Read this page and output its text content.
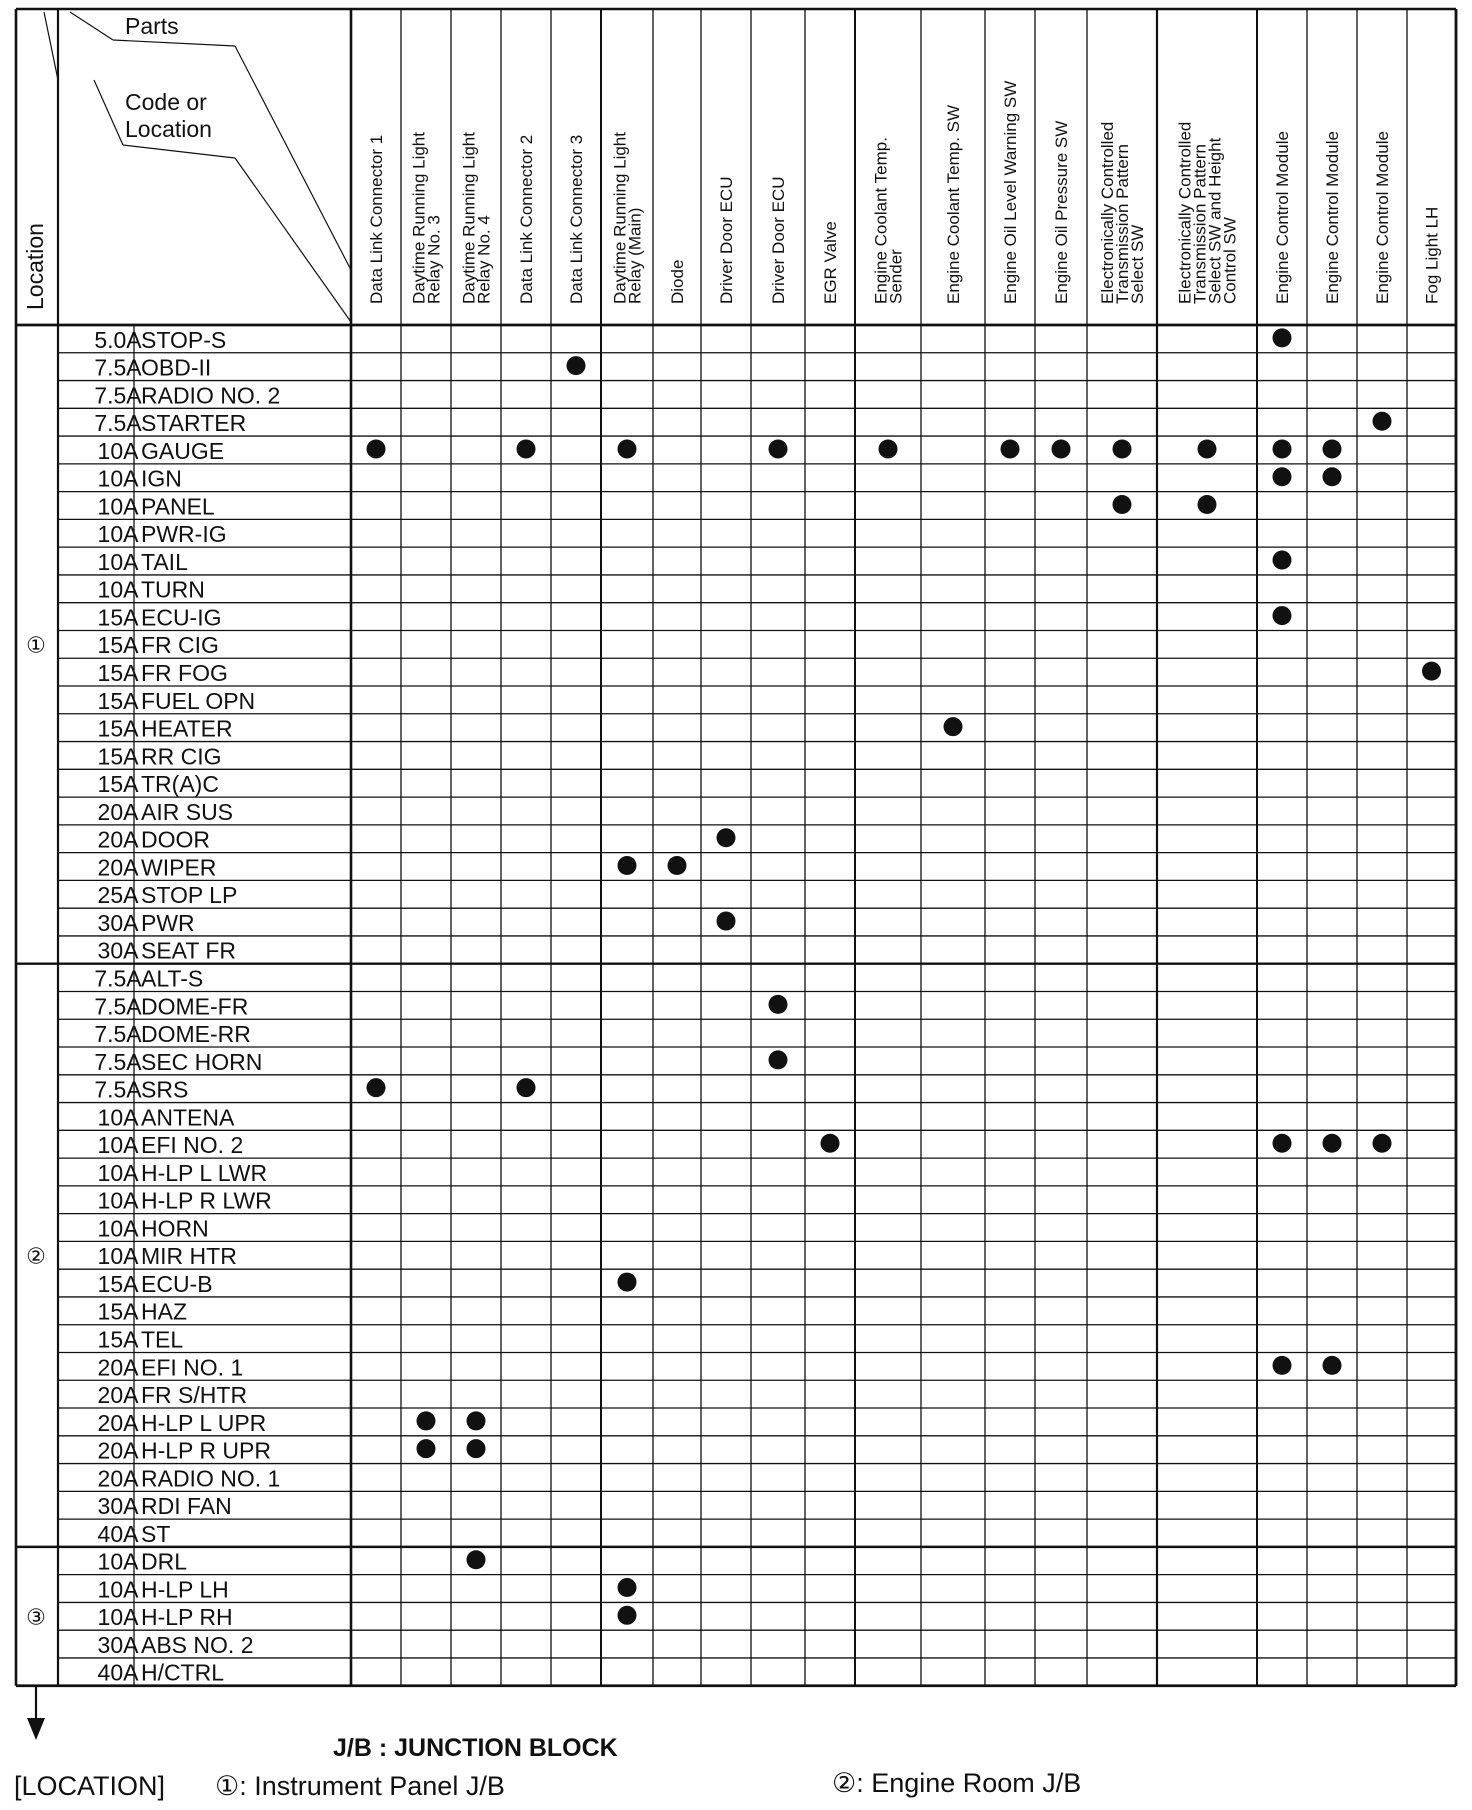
Parts
Code or
Location
Location	Data Link Connector 1 Daytime Running Light
Relay No. 3 Daytime Running Light
Relay No. 4 Data Link Connector 2 Data Link Connector 3 Daytime Running Light
Relay (Main) Diode Driver Door ECU Driver Door ECU EGR Valve Engine Coolant Temp.
Sender Engine Coolant Temp. SW Engine Oil Level Warning SW Engine Oil Pressure SW Electronically Controlled
Transmission Pattern
Select SW Electronically Controlled
Transmission Pattern
Select SW and Height
Control SW Engine Control Module Engine Control Module Engine Control Module Fog Light LH
①
②
③
5.0A STOP-S
7.5A OBD-II
7.5A RADIO NO. 2
7.5A STARTER
10A GAUGE
10A IGN
10A PANEL
10A PWR-IG
10A TAIL
10A TURN
15A ECU-IG
15A FR CIG
15A FR FOG
15A FUEL OPN
15A HEATER
15A RR CIG
15A TR(A)C
20A AIR SUS
20A DOOR
20A WIPER
25A STOP LP
30A PWR
30A SEAT FR
7.5A ALT-S
7.5A DOME-FR
7.5A DOME-RR
7.5A SEC HORN
7.5A SRS
10A ANTENA
10A EFI NO. 2
10A H-LP L LWR
10A H-LP R LWR
10A HORN
10A MIR HTR
15A ECU-B
15A HAZ
15A TEL
20A EFI NO. 1
20A FR S/HTR
20A H-LP L UPR
20A H-LP R UPR
20A RADIO NO. 1
30A RDI FAN
40A ST
10A DRL
10A H-LP LH
10A H-LP RH
30A ABS NO. 2
40A H/CTRL
J/B : JUNCTION BLOCK
[LOCATION] ①: Instrument Panel J/B	②: Engine Room J/B
